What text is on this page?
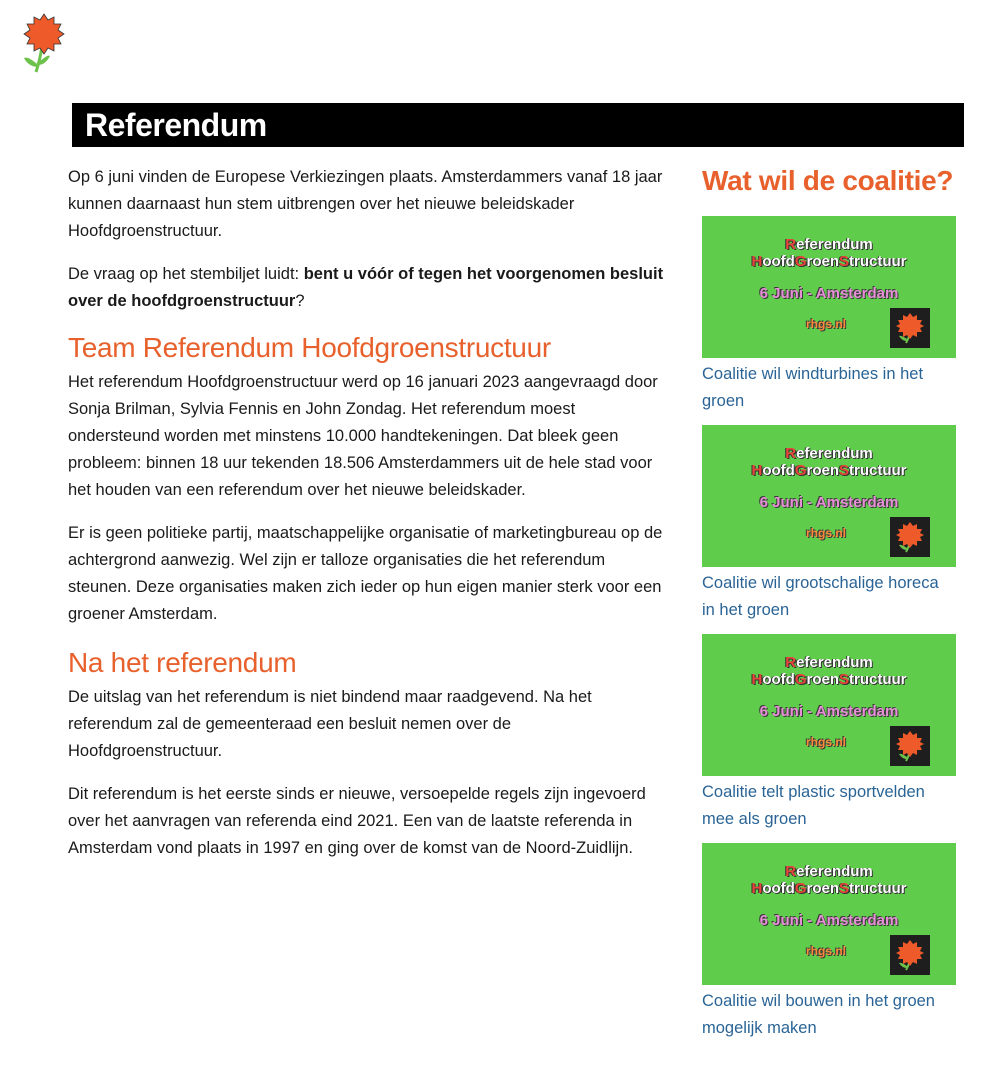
Referendum

Op 6 juni vinden de Europese Verkiezingen plaats. Amsterdammers vanaf 18 jaar kunnen daarnaast hun stem uitbrengen over het nieuwe beleidskader Hoofdgroenstructuur.

De vraag op het stembiljet luidt: bent u vóór of tegen het voorgenomen besluit over de hoofdgroenstructuur?

Team Referendum Hoofdgroenstructuur

Het referendum Hoofdgroenstructuur werd op 16 januari 2023 aangevraagd door Sonja Brilman, Sylvia Fennis en John Zondag. Het referendum moest ondersteund worden met minstens 10.000 handtekeningen. Dat bleek geen probleem: binnen 18 uur tekenden 18.506 Amsterdammers uit de hele stad voor het houden van een referendum over het nieuwe beleidskader.

Er is geen politieke partij, maatschappelijke organisatie of marketingbureau op de achtergrond aanwezig. Wel zijn er talloze organisaties die het referendum steunen. Deze organisaties maken zich ieder op hun eigen manier sterk voor een groener Amsterdam.

Na het referendum

De uitslag van het referendum is niet bindend maar raadgevend. Na het referendum zal de gemeenteraad een besluit nemen over de Hoofdgroenstructuur.

Dit referendum is het eerste sinds er nieuwe, versoepelde regels zijn ingevoerd over het aanvragen van referenda eind 2021. Een van de laatste referenda in Amsterdam vond plaats in 1997 en ging over de komst van de Noord-Zuidlijn.

Wat wil de coalitie?
Referendum
HoofdGroenStructuur
6 Juni - Amsterdam
rhgs.nl
Coalitie wil windturbines in het groen
Referendum
HoofdGroenStructuur
6 Juni - Amsterdam
rhgs.nl
Coalitie wil grootschalige horeca in het groen
Referendum
HoofdGroenStructuur
6 Juni - Amsterdam
rhgs.nl
Coalitie telt plastic sportvelden mee als groen
Referendum
HoofdGroenStructuur
6 Juni - Amsterdam
rhgs.nl
Coalitie wil bouwen in het groen mogelijk maken
